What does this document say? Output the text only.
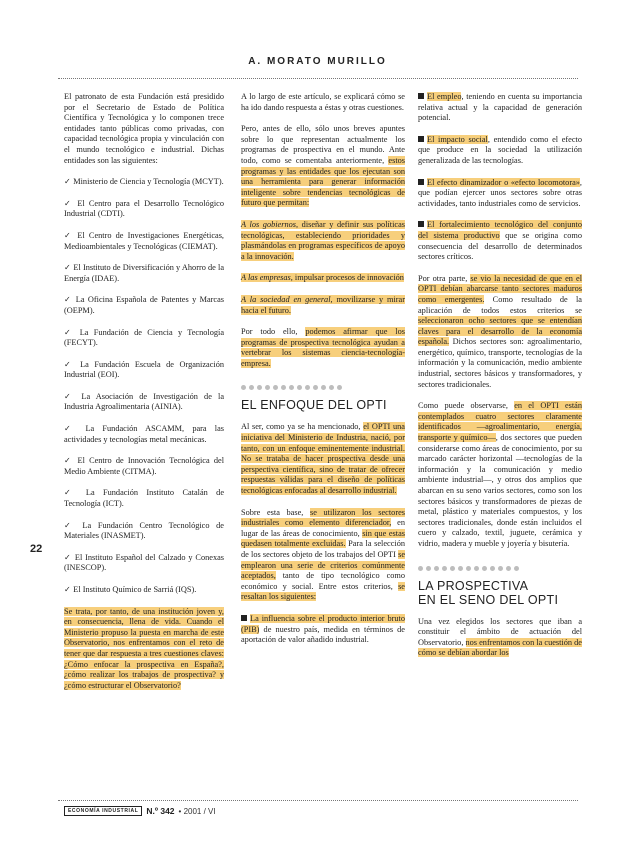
A. MORATO MURILLO
22

El patronato de esta Fundación está presidido por el Secretario de Estado de Política Científica y Tecnológica y lo componen trece entidades tanto públicas como privadas, con capacidad tecnológica propia y vinculación con el mundo tecnológico e industrial. Dichas entidades son las siguientes:

✓ Ministerio de Ciencia y Tecnología (MCYT).

✓ El Centro para el Desarrollo Tecnológico Industrial (CDTI).

✓ El Centro de Investigaciones Energéticas, Medioambientales y Tecnológicas (CIEMAT).

✓ El Instituto de Diversificación y Ahorro de la Energía (IDAE).

✓ La Oficina Española de Patentes y Marcas (OEPM).

✓ La Fundación de Ciencia y Tecnología (FECYT).

✓ La Fundación Escuela de Organización Industrial (EOI).

✓ La Asociación de Investigación de la Industria Agroalimentaria (AINIA).

✓ La Fundación ASCAMM, para las actividades y tecnologías metal mecánicas.

✓ El Centro de Innovación Tecnológica del Medio Ambiente (CITMA).

✓ La Fundación Instituto Catalán de Tecnología (ICT).

✓ La Fundación Centro Tecnológico de Materiales (INASMET).

✓ El Instituto Español del Calzado y Conexas (INESCOP).

✓ El Instituto Químico de Sarriá (IQS).

Se trata, por tanto, de una institución joven y, en consecuencia, llena de vida. Cuando el Ministerio propuso la puesta en marcha de este Observatorio, nos enfrentamos con el reto de tener que dar respuesta a tres cuestiones claves: ¿Cómo enfocar la prospectiva en España?, ¿cómo realizar los trabajos de prospectiva? y ¿cómo estructurar el Observatorio?

A lo largo de este artículo, se explicará cómo se ha ido dando respuesta a éstas y otras cuestiones.

Pero, antes de ello, sólo unos breves apuntes sobre lo que representan actualmente los programas de prospectiva en el mundo. Ante todo, como se comentaba anteriormente, estos programas y las entidades que los ejecutan son una herramienta para generar información inteligente sobre tendencias tecnológicas de futuro que permitan:

A los gobiernos, diseñar y definir sus políticas tecnológicas, estableciendo prioridades y plasmándolas en programas específicos de apoyo a la innovación.

A las empresas, impulsar procesos de innovación

A la sociedad en general, movilizarse y mirar hacia el futuro.

Por todo ello, podemos afirmar que los programas de prospectiva tecnológica ayudan a vertebrar los sistemas ciencia-tecnología-empresa.

EL ENFOQUE DEL OPTI

Al ser, como ya se ha mencionado, el OPTI una iniciativa del Ministerio de Industria, nació, por tanto, con un enfoque eminentemente industrial. No se trataba de hacer prospectiva desde una perspectiva científica, sino de tratar de ofrecer respuestas válidas para el diseño de políticas tecnológicas enfocadas al desarrollo industrial.

Sobre esta base, se utilizaron los sectores industriales como elemento diferenciador, en lugar de las áreas de conocimiento, sin que estas quedasen totalmente excluidas. Para la selección de los sectores objeto de los trabajos del OPTI se emplearon una serie de criterios comúnmente aceptados, tanto de tipo tecnológico como económico y social. Entre estos criterios, se resaltan los siguientes:

La influencia sobre el producto interior bruto (PIB) de nuestro país, medida en términos de aportación de valor añadido industrial.

El empleo, teniendo en cuenta su importancia relativa actual y la capacidad de generación potencial.

El impacto social, entendido como el efecto que produce en la sociedad la utilización generalizada de las tecnologías.

El efecto dinamizador o «efecto locomotora», que podían ejercer unos sectores sobre otras actividades, tanto industriales como de servicios.

El fortalecimiento tecnológico del conjunto del sistema productivo que se origina como consecuencia del desarrollo de determinados sectores críticos.

Por otra parte, se vio la necesidad de que en el OPTI debían abarcarse tanto sectores maduros como emergentes. Como resultado de la aplicación de todos estos criterios se seleccionaron ocho sectores que se entendían claves para el desarrollo de la economía española. Dichos sectores son: agroalimentario, energético, químico, transporte, tecnologías de la información y la comunicación, medio ambiente industrial, sectores básicos y transformadores, y sectores tradicionales.

Como puede observarse, en el OPTI están contemplados cuatro sectores claramente identificados —agroalimentario, energía, transporte y químico—, dos sectores que pueden considerarse como áreas de conocimiento, por su marcado carácter horizontal —tecnologías de la información y la comunicación y medio ambiente industrial—, y otros dos amplios que abarcan en su seno varios sectores, como son los sectores básicos y transformadores de piezas de metal, plástico y materiales compuestos, y los sectores tradicionales, donde están incluidos el cuero y calzado, textil, juguete, cerámica y vidrio, madera y mueble y joyería y bisutería.

LA PROSPECTIVA
EN EL SENO DEL OPTI

Una vez elegidos los sectores que iban a constituir el ámbito de actuación del Observatorio, nos enfrentamos con la cuestión de cómo se debían abordar los

ECONOMÍA INDUSTRIAL N.º 342 • 2001 / VI
